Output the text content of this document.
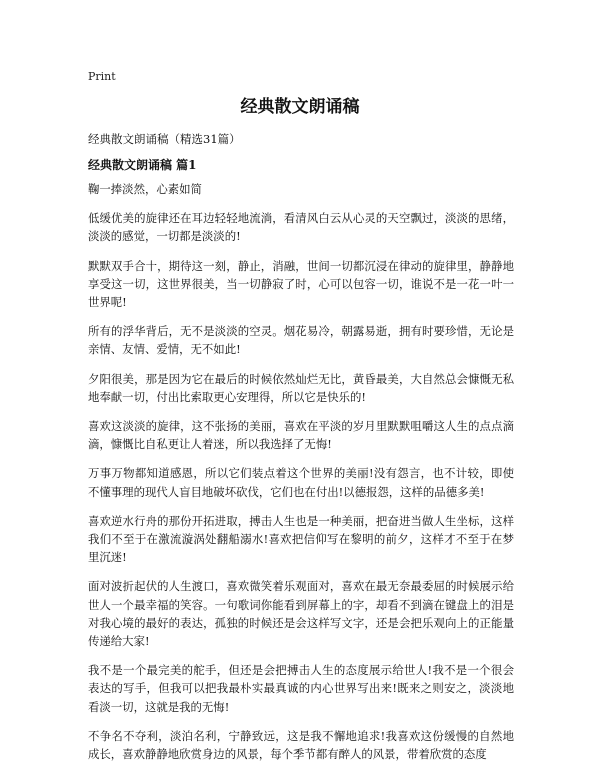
Print
经典散文朗诵稿

经典散文朗诵稿（精选31篇）

经典散文朗诵稿 篇1

鞠一捧淡然，心素如简

低缓优美的旋律还在耳边轻轻地流淌，看清风白云从心灵的天空飘过，淡淡的思绪，淡淡的感觉，一切都是淡淡的!

默默双手合十，期待这一刻，静止，消融，世间一切都沉浸在律动的旋律里，静静地享受这一切，这世界很美，当一切静寂了时，心可以包容一切，谁说不是一花一叶一世界呢!

所有的浮华背后，无不是淡淡的空灵。烟花易冷，朝露易逝，拥有时要珍惜，无论是亲情、友情、爱情，无不如此!

夕阳很美，那是因为它在最后的时候依然灿烂无比，黄昏最美，大自然总会慷慨无私地奉献一切，付出比索取更心安理得，所以它是快乐的!

喜欢这淡淡的旋律，这不张扬的美丽，喜欢在平淡的岁月里默默咀嚼这人生的点点滴滴，慷慨比自私更让人着迷，所以我选择了无悔!

万事万物都知道感恩，所以它们装点着这个世界的美丽!没有怨言，也不计较，即使不懂事理的现代人盲目地破坏砍伐，它们也在付出!以德报怨，这样的品德多美!

喜欢逆水行舟的那份开拓进取，搏击人生也是一种美丽，把奋进当做人生坐标，这样我们不至于在激流漩涡处翻船溺水!喜欢把信仰写在黎明的前夕，这样才不至于在梦里沉迷!

面对波折起伏的人生渡口，喜欢微笑着乐观面对，喜欢在最无奈最委屈的时候展示给世人一个最幸福的笑容。一句歌词你能看到屏幕上的字，却看不到滴在键盘上的泪是对我心境的最好的表达，孤独的时候还是会这样写文字，还是会把乐观向上的正能量传递给大家!

我不是一个最完美的舵手，但还是会把搏击人生的态度展示给世人!我不是一个很会表达的写手，但我可以把我最朴实最真诚的内心世界写出来!既来之则安之，淡淡地看淡一切，这就是我的无悔!

不争名不夺利，淡泊名利，宁静致远，这是我不懈地追求!我喜欢这份缓慢的自然地成长，喜欢静静地欣赏身边的风景，每个季节都有醉人的风景，带着欣赏的态度
